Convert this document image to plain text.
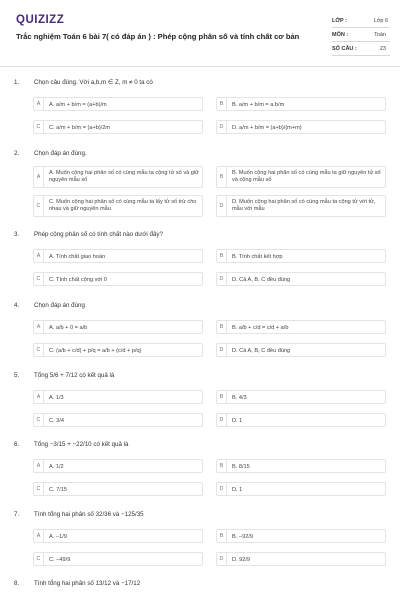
QUIZIZZ
Trắc nghiệm Toán 6 bài 7( có đáp án ) : Phép cộng phân số và tính chất cơ bản
LỚP :	Lớp 6
MÔN :	Toán
SỐ CÂU :	23
1. Chọn câu đúng. Với a,b,m ∈ Z, m ≠ 0 ta có
A	A. a/m + b/m = (a+b)/m	B	B. a/m + b/m = a.b/m
C	C. a/m + b/m = (a+b)/2m	D	D. a/m + b/m = (a+b)/(m+m)
2. Chọn đáp án đúng.
A
A. Muốn cộng hai phân số có cùng mẫu ta cộng tử số và giữ nguyên mẫu số	B
B. Muốn cộng hai phân số có cùng mẫu ta giữ nguyên tử số và cộng mẫu số
C
C. Muốn cộng hai phân số có cùng mẫu ta lấy tử số trừ cho nhau và giữ nguyên mẫu	D
D. Muốn cộng hai phân số có cùng mẫu ta cộng tử với tử, mẫu với mẫu
3. Phép cộng phân số có tính chất nào dưới đây?
A	A. Tính chất giao hoán	B	B. Tính chất kết hợp
C	C. Tính chất cộng với 0	D	D. Cả A, B, C đều đúng
4. Chọn đáp án đúng
A	A. a/b + 0 = a/b	B	B. a/b + c/d = c/d + a/b
C	C. (a/b + c/d) + p/q = a/b + (c/d + p/q)	D	D. Cả A, B, C đều đúng
5. Tổng 5/6 + 7/12 có kết quả là
A	A. 1/3	B	B. 4/3
C	C. 3/4	D	D. 1
6. Tổng −3/15 + −22/10 có kết quả là
A	A. 1/2	B	B. 8/15
C	C. 7/15	D	D. 1
7. Tính tổng hai phân số 32/36 và −125/35
A	A. −1/9	B	B. −92/9
C	C. −49/9	D	D. 92/9
8. Tính tổng hai phân số 13/12 và −17/12
